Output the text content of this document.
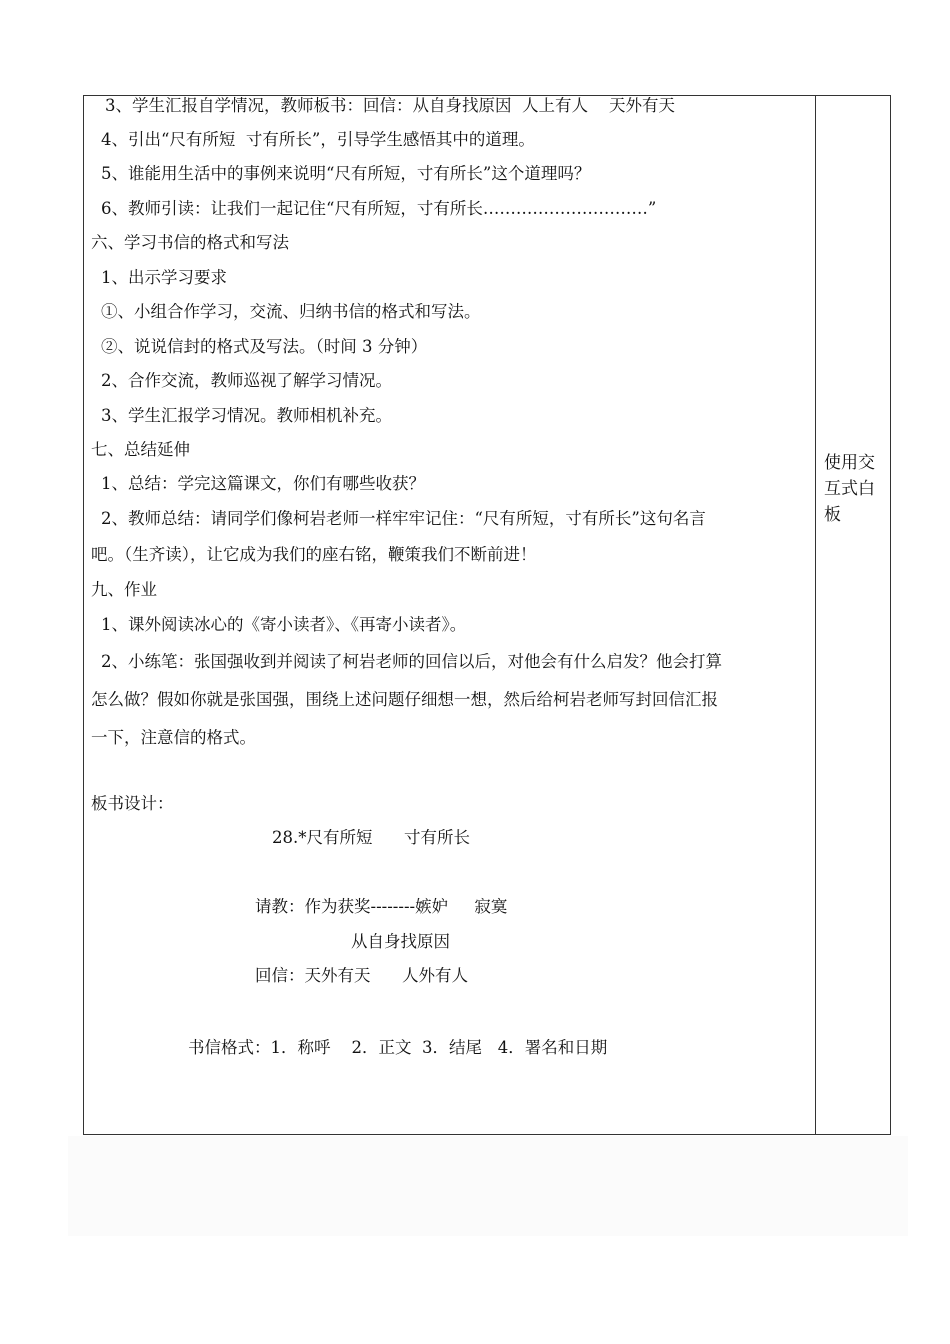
3、学生汇报自学情况，教师板书：回信：从自身找原因  人上有人    天外有天
4、引出“尺有所短  寸有所长”，引导学生感悟其中的道理。
5、谁能用生活中的事例来说明“尺有所短，寸有所长”这个道理吗？
6、教师引读：让我们一起记住“尺有所短，寸有所长…………………………”
六、学习书信的格式和写法
1、出示学习要求
①、小组合作学习，交流、归纳书信的格式和写法。
②、说说信封的格式及写法。（时间 3 分钟）
2、合作交流，教师巡视了解学习情况。
3、学生汇报学习情况。教师相机补充。
七、总结延伸
1、总结：学完这篇课文，你们有哪些收获？
2、教师总结：请同学们像柯岩老师一样牢牢记住：“尺有所短，寸有所长”这句名言
吧。（生齐读），让它成为我们的座右铭，鞭策我们不断前进！
九、作业
1、课外阅读冰心的《寄小读者》、《再寄小读者》。
2、小练笔：张国强收到并阅读了柯岩老师的回信以后，对他会有什么启发？他会打算
怎么做？假如你就是张国强，围绕上述问题仔细想一想，然后给柯岩老师写封回信汇报
一下，注意信的格式。
板书设计：
28.*尺有所短      寸有所长
请教：作为获奖--------嫉妒     寂寞
从自身找原因
回信：天外有天      人外有人
书信格式：1．称呼    2．正文  3．结尾   4．署名和日期
使用交互式白板
